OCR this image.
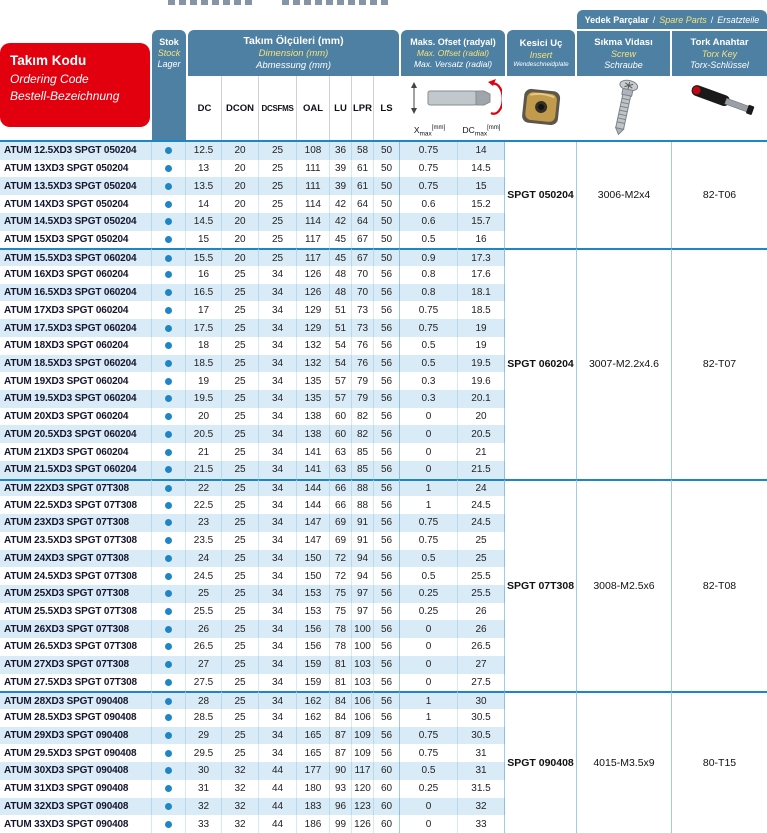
Takım Kodu
Ordering Code
Bestell-Bezeichnung
Stok
Stock
Lager
Takım Ölçüleri (mm)
Dimension (mm)
Abmessung (mm)
DC	DCON DCSFMS OAL	LU LPR LS
Maks. Ofset (radyal)
Max. Offset (radial)
Max. Versatz (radial)
$X_{max}[mm]$	$DC_{max}[mm]$
Kesici Uç
Insert
Wendeschneidplate
Yedek Parçalar / Spare Parts / Ersatzteile
Sıkma Vidası
Screw
Schraube
Tork Anahtar
Torx Key
Torx-Schlüssel
ATUM 12.5XD3 SPGT 050204	12.5	20	25	108	36	58	50	0.75	14
ATUM 13XD3 SPGT 050204	13	20	25	111	39	61	50	0.75	14.5
ATUM 13.5XD3 SPGT 050204	13.5	20	25	111	39	61	50	0.75	15
ATUM 14XD3 SPGT 050204	14	20	25	114	42	64	50	0.6	15.2
ATUM 14.5XD3 SPGT 050204	14.5	20	25	114	42	64	50	0.6	15.7
ATUM 15XD3 SPGT 050204	15	20	25	117	45	67	50	0.5	16
SPGT 050204	3006-M2x4	82-T06
ATUM 15.5XD3 SPGT 060204	15.5	20	25	117	45	67	50	0.9	17.3
ATUM 16XD3 SPGT 060204	16	25	34	126	48	70	56	0.8	17.6
ATUM 16.5XD3 SPGT 060204	16.5	25	34	126	48	70	56	0.8	18.1
ATUM 17XD3 SPGT 060204	17	25	34	129	51	73	56	0.75	18.5
ATUM 17.5XD3 SPGT 060204	17.5	25	34	129	51	73	56	0.75	19
ATUM 18XD3 SPGT 060204	18	25	34	132	54	76	56	0.5	19
ATUM 18.5XD3 SPGT 060204	18.5	25	34	132	54	76	56	0.5	19.5
ATUM 19XD3 SPGT 060204	19	25	34	135	57	79	56	0.3	19.6
ATUM 19.5XD3 SPGT 060204	19.5	25	34	135	57	79	56	0.3	20.1
ATUM 20XD3 SPGT 060204	20	25	34	138	60	82	56	0	20
ATUM 20.5XD3 SPGT 060204	20.5	25	34	138	60	82	56	0	20.5
ATUM 21XD3 SPGT 060204	21	25	34	141	63	85	56	0	21
ATUM 21.5XD3 SPGT 060204	21.5	25	34	141	63	85	56	0	21.5
SPGT 060204	3007-M2.2x4.6	82-T07
ATUM 22XD3 SPGT 07T308	22	25	34	144	66	88	56	1	24
ATUM 22.5XD3 SPGT 07T308	22.5	25	34	144	66	88	56	1	24.5
ATUM 23XD3 SPGT 07T308	23	25	34	147	69	91	56	0.75	24.5
ATUM 23.5XD3 SPGT 07T308	23.5	25	34	147	69	91	56	0.75	25
ATUM 24XD3 SPGT 07T308	24	25	34	150	72	94	56	0.5	25
ATUM 24.5XD3 SPGT 07T308	24.5	25	34	150	72	94	56	0.5	25.5
ATUM 25XD3 SPGT 07T308	25	25	34	153	75	97	56	0.25	25.5
ATUM 25.5XD3 SPGT 07T308	25.5	25	34	153	75	97	56	0.25	26
ATUM 26XD3 SPGT 07T308	26	25	34	156	78 100	56	0	26
ATUM 26.5XD3 SPGT 07T308	26.5	25	34	156	78 100	56	0	26.5
ATUM 27XD3 SPGT 07T308	27	25	34	159	81 103	56	0	27
ATUM 27.5XD3 SPGT 07T308	27.5	25	34	159	81 103	56	0	27.5
SPGT 07T308	3008-M2.5x6	82-T08
ATUM 28XD3 SPGT 090408	28	25	34	162	84 106	56	1	30
ATUM 28.5XD3 SPGT 090408	28.5	25	34	162	84 106	56	1	30.5
ATUM 29XD3 SPGT 090408	29	25	34	165	87 109	56	0.75	30.5
ATUM 29.5XD3 SPGT 090408	29.5	25	34	165	87 109	56	0.75	31
ATUM 30XD3 SPGT 090408	30	32	44	177	90 117	60	0.5	31
ATUM 31XD3 SPGT 090408	31	32	44	180	93 120	60	0.25	31.5
ATUM 32XD3 SPGT 090408	32	32	44	183	96 123	60	0	32
ATUM 33XD3 SPGT 090408	33	32	44	186	99 126	60	0	33
SPGT 090408	4015-M3.5x9	80-T15
